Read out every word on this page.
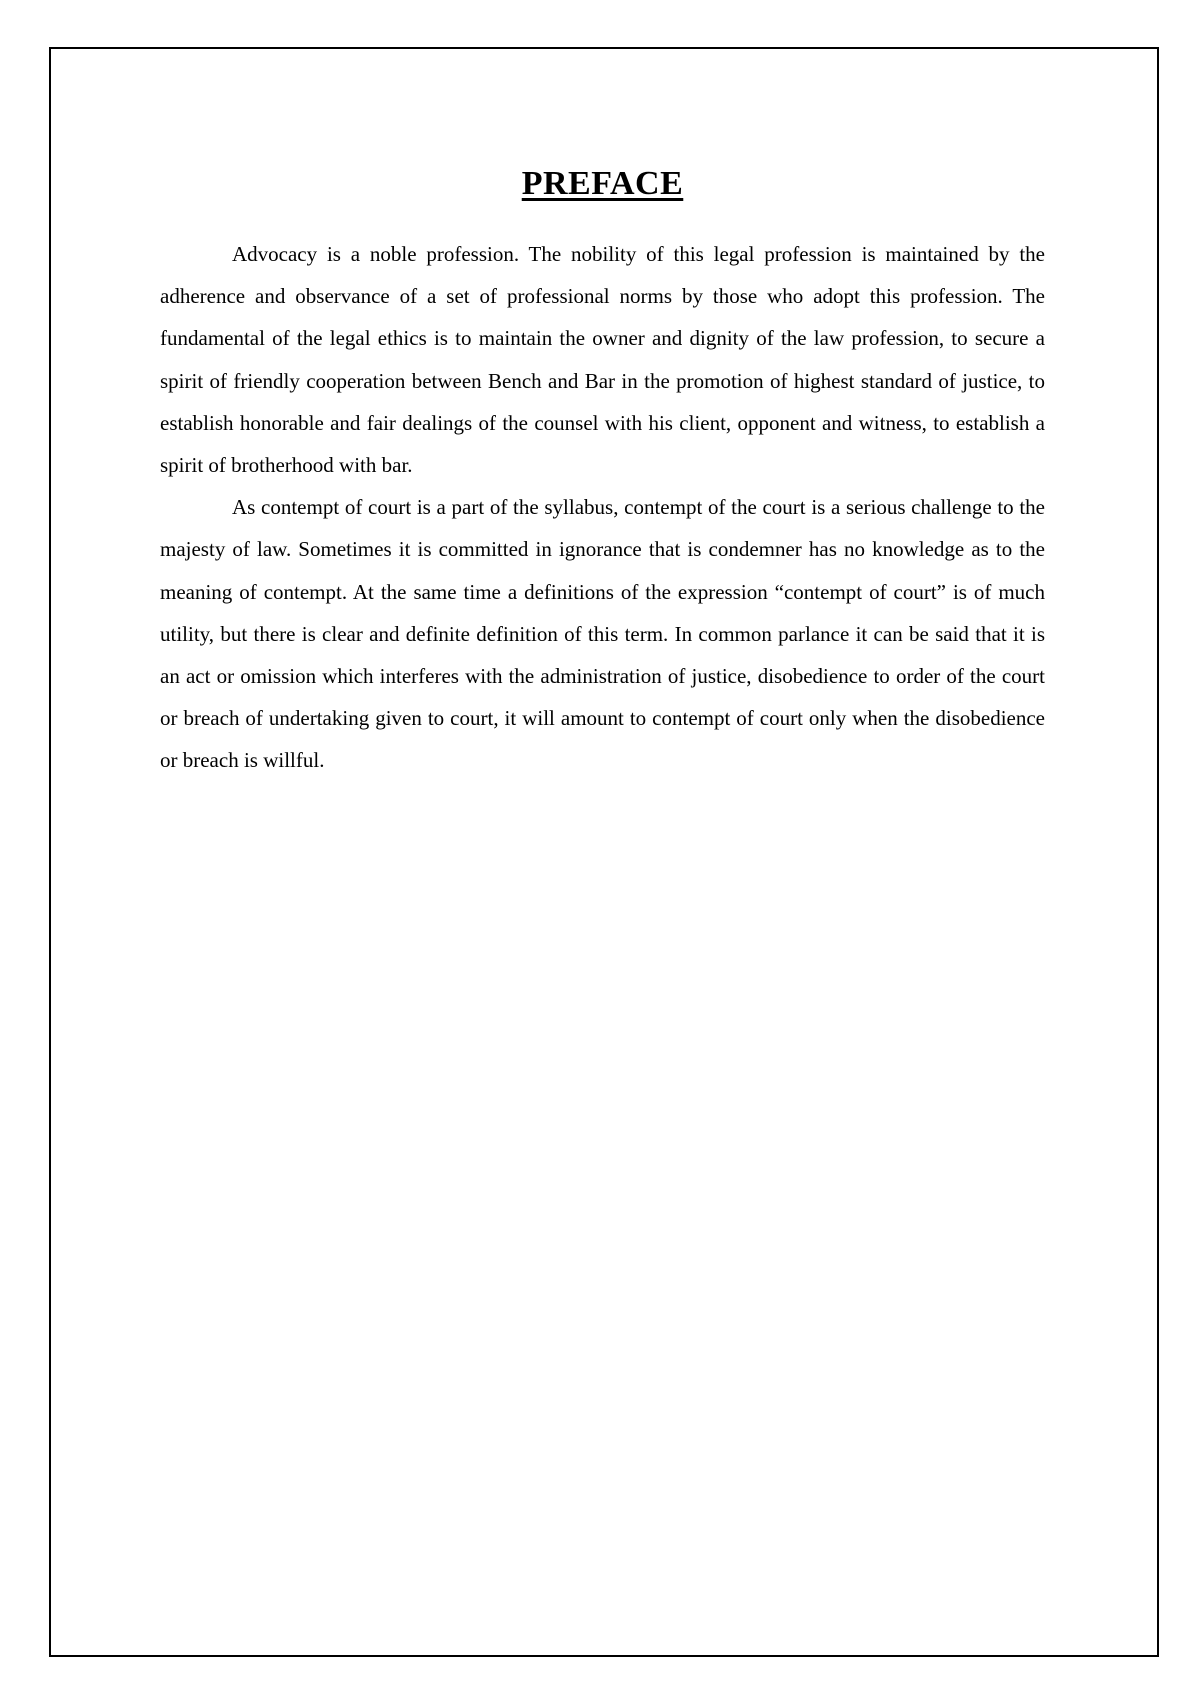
PREFACE

Advocacy is a noble profession. The nobility of this legal profession is maintained by the adherence and observance of a set of professional norms by those who adopt this profession. The fundamental of the legal ethics is to maintain the owner and dignity of the law profession, to secure a spirit of friendly cooperation between Bench and Bar in the promotion of highest standard of justice, to establish honorable and fair dealings of the counsel with his client, opponent and witness, to establish a spirit of brotherhood with bar.

As contempt of court is a part of the syllabus, contempt of the court is a serious challenge to the majesty of law. Sometimes it is committed in ignorance that is condemner has no knowledge as to the meaning of contempt. At the same time a definitions of the expression “contempt of court” is of much utility, but there is clear and definite definition of this term. In common parlance it can be said that it is an act or omission which interferes with the administration of justice, disobedience to order of the court or breach of undertaking given to court, it will amount to contempt of court only when the disobedience or breach is willful.
